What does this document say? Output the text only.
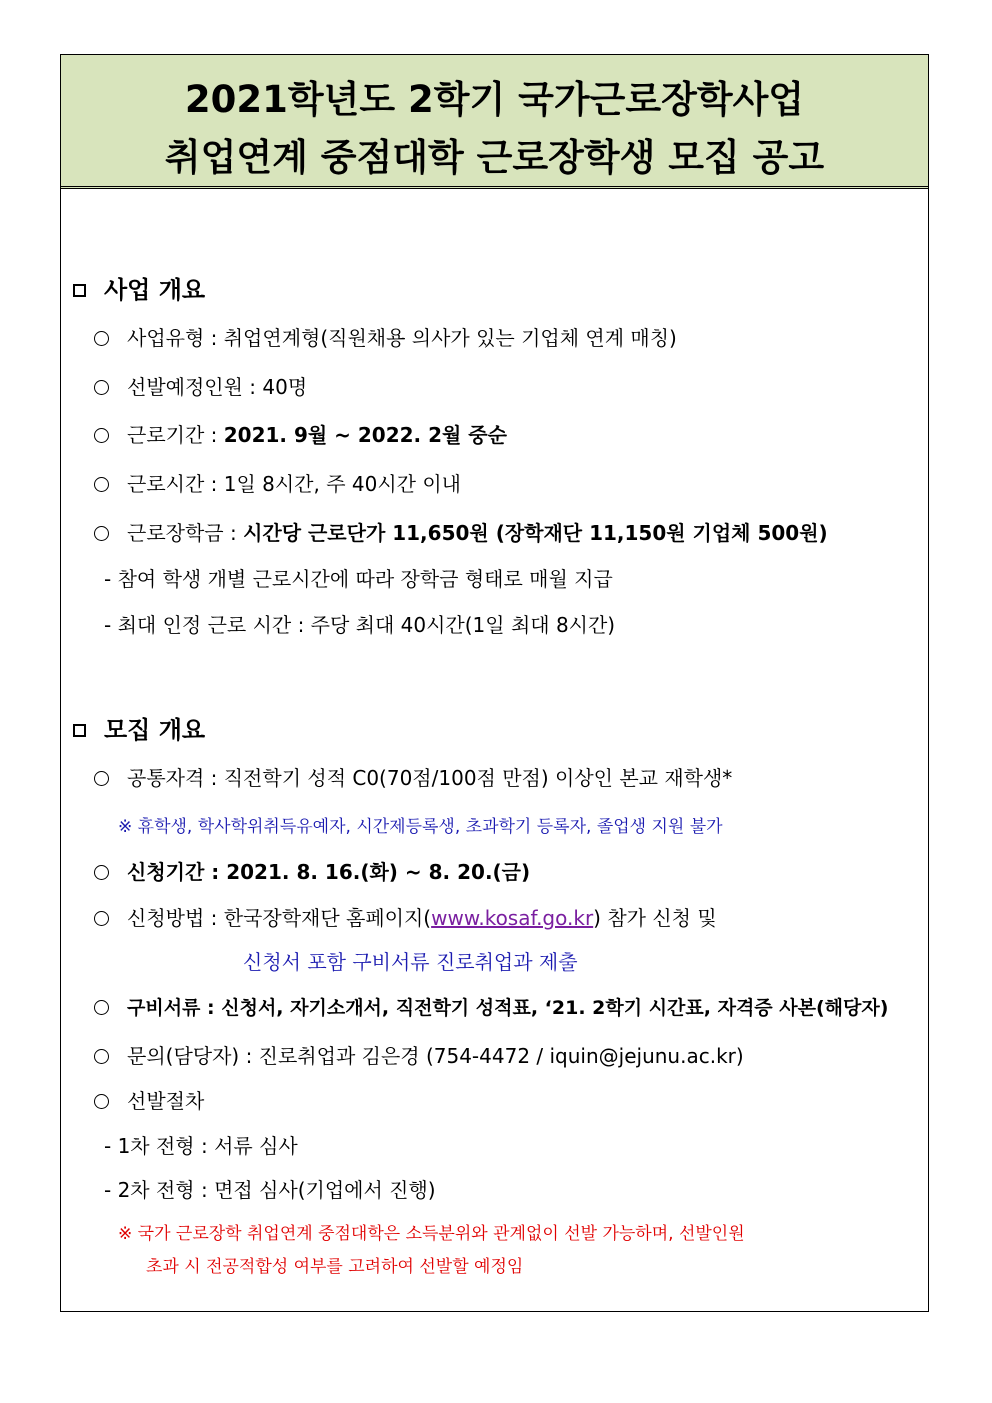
2021학년도 2학기 국가근로장학사업
취업연계 중점대학 근로장학생 모집 공고
사업 개요
사업유형 : 취업연계형(직원채용 의사가 있는 기업체 연계 매칭)
선발예정인원 : 40명
근로기간 : 2021. 9월 ~ 2022. 2월 중순
근로시간 : 1일 8시간, 주 40시간 이내
근로장학금 : 시간당 근로단가 11,650원 (장학재단 11,150원 기업체 500원)
- 참여 학생 개별 근로시간에 따라 장학금 형태로 매월 지급
- 최대 인정 근로 시간 : 주당 최대 40시간(1일 최대 8시간)
모집 개요
공통자격 : 직전학기 성적 C0(70점/100점 만점) 이상인 본교 재학생*
※ 휴학생, 학사학위취득유예자, 시간제등록생, 초과학기 등록자, 졸업생 지원 불가
신청기간 : 2021. 8. 16.(화) ~ 8. 20.(금)
신청방법 : 한국장학재단 홈페이지(www.kosaf.go.kr) 참가 신청 및
신청서 포함 구비서류 진로취업과 제출
구비서류 : 신청서, 자기소개서, 직전학기 성적표, ‘21. 2학기 시간표, 자격증 사본(해당자)
문의(담당자) : 진로취업과 김은경 (754-4472 / iquin@jejunu.ac.kr)
선발절차
- 1차 전형 : 서류 심사
- 2차 전형 : 면접 심사(기업에서 진행)
※ 국가 근로장학 취업연계 중점대학은 소득분위와 관계없이 선발 가능하며, 선발인원
초과 시 전공적합성 여부를 고려하여 선발할 예정임
